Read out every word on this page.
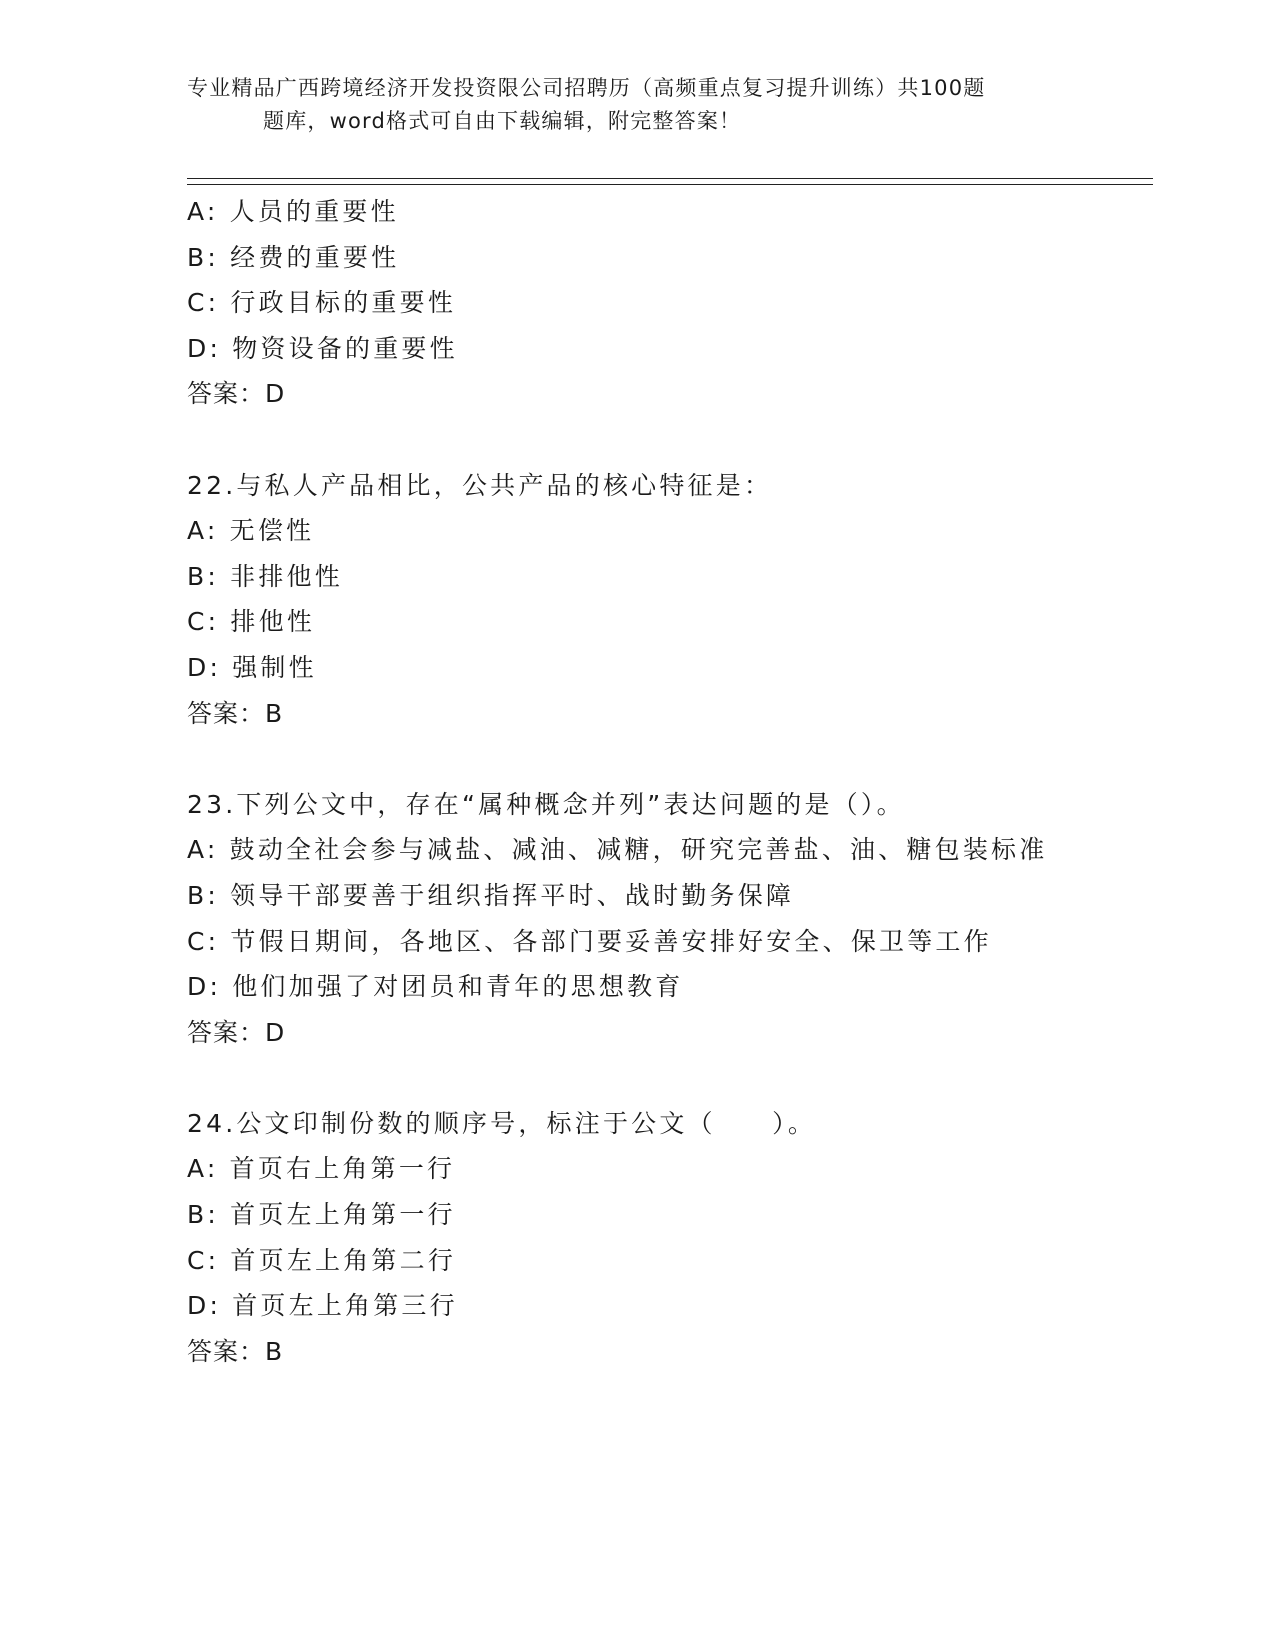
专业精品广西跨境经济开发投资限公司招聘历（高频重点复习提升训练）共100题
题库，word格式可自由下载编辑，附完整答案！
A: 人员的重要性
B: 经费的重要性
C: 行政目标的重要性
D: 物资设备的重要性
答案：D
22.与私人产品相比，公共产品的核心特征是：
A: 无偿性
B: 非排他性
C: 排他性
D: 强制性
答案：B
23.下列公文中，存在“属种概念并列”表达问题的是（）。
A: 鼓动全社会参与减盐、减油、减糖，研究完善盐、油、糖包装标准
B: 领导干部要善于组织指挥平时、战时勤务保障
C: 节假日期间，各地区、各部门要妥善安排好安全、保卫等工作
D: 他们加强了对团员和青年的思想教育
答案：D
24.公文印制份数的顺序号，标注于公文（　　）。
A: 首页右上角第一行
B: 首页左上角第一行
C: 首页左上角第二行
D: 首页左上角第三行
答案：B
